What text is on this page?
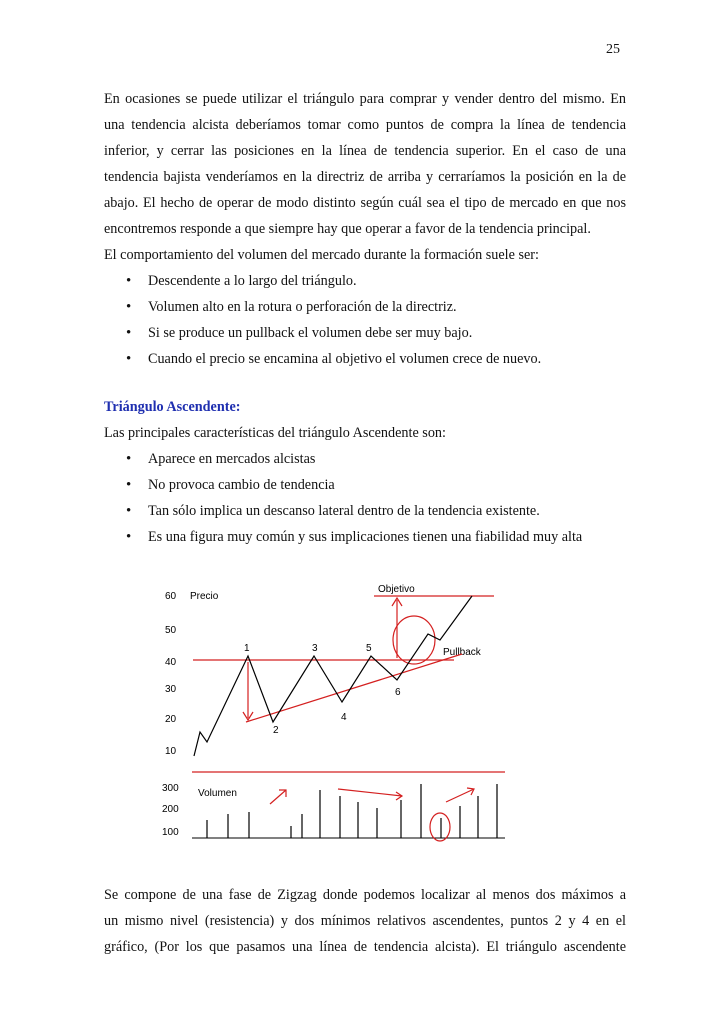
25
En ocasiones se puede utilizar el triángulo para comprar y vender dentro del mismo. En
una tendencia alcista deberíamos tomar como puntos de compra la línea de tendencia
inferior, y cerrar las posiciones en la línea de tendencia superior. En el caso de una
tendencia bajista venderíamos en la directriz de arriba y cerraríamos la posición en la de
abajo. El hecho de operar de modo distinto según cuál sea el tipo de mercado en que nos
encontremos responde a que siempre hay que operar a favor de la tendencia principal.
El comportamiento del volumen del mercado durante la formación suele ser:
• Descendente a lo largo del triángulo.
• Volumen alto en la rotura o perforación de la directriz.
• Si se produce un pullback el volumen debe ser muy bajo.
• Cuando el precio se encamina al objetivo el volumen crece de nuevo.
Triángulo Ascendente:
Las principales características del triángulo Ascendente son:
• Aparece en mercados alcistas
• No provoca cambio de tendencia
• Tan sólo implica un descanso lateral dentro de la tendencia existente.
• Es una figura muy común y sus implicaciones tienen una fiabilidad muy alta
60
50
40
30
20
10
300
200
100
Precio
Volumen
Objetivo
Pullback
1
2
3
4
5
6
Se compone de una fase de Zigzag donde podemos localizar al menos dos máximos a
un mismo nivel (resistencia) y dos mínimos relativos ascendentes, puntos 2 y 4 en el
gráfico, (Por los que pasamos una línea de tendencia alcista). El triángulo ascendente
